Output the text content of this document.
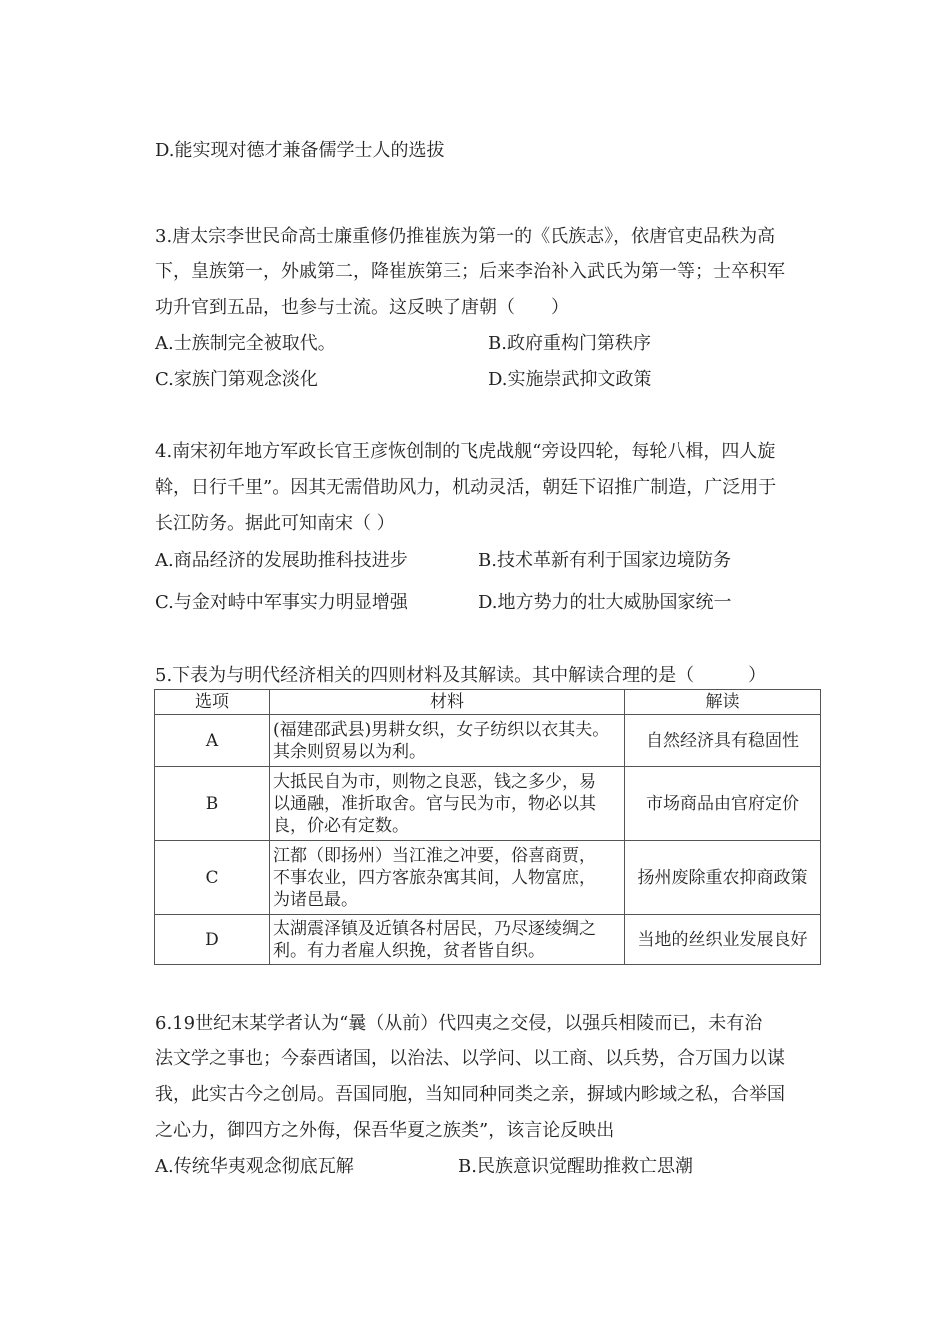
D.能实现对德才兼备儒学士人的选拔
3.唐太宗李世民命高士廉重修仍推崔族为第一的《氏族志》，依唐官吏品秩为高
下，皇族第一，外戚第二，降崔族第三；后来李治补入武氏为第一等；士卒积军
功升官到五品，也参与士流。这反映了唐朝（　　）
A.士族制完全被取代。	B.政府重构门第秩序
C.家族门第观念淡化	D.实施崇武抑文政策
4.南宋初年地方军政长官王彦恢创制的飞虎战舰“旁设四轮，每轮八楫，四人旋
斡，日行千里”。因其无需借助风力，机动灵活，朝廷下诏推广制造，广泛用于
长江防务。据此可知南宋（ ）
A.商品经济的发展助推科技进步	B.技术革新有利于国家边境防务
C.与金对峙中军事实力明显增强	D.地方势力的壮大威胁国家统一
5.下表为与明代经济相关的四则材料及其解读。其中解读合理的是（　　　）
选项	材料	解读
A	(福建邵武县)男耕女织，女子纺织以衣其夫。
其余则贸易以为利。	自然经济具有稳固性
B	大抵民自为市，则物之良恶，钱之多少，易
以通融，准折取舍。官与民为市，物必以其
良，价必有定数。	市场商品由官府定价
C	江都（即扬州）当江淮之冲要，俗喜商贾，
不事农业，四方客旅杂寓其间，人物富庶，
为诸邑最。	扬州废除重农抑商政策
D	太湖震泽镇及近镇各村居民，乃尽逐绫绸之
利。有力者雇人织挽，贫者皆自织。	当地的丝织业发展良好
6.19世纪末某学者认为“曩（从前）代四夷之交侵，以强兵相陵而已，未有治
法文学之事也；今泰西诸国，以治法、以学问、以工商、以兵势，合万国力以谋
我，此实古今之创局。吾国同胞，当知同种同类之亲，摒域内畛域之私，合举国
之心力，御四方之外侮，保吾华夏之族类”，该言论反映出
A.传统华夷观念彻底瓦解	B.民族意识觉醒助推救亡思潮
